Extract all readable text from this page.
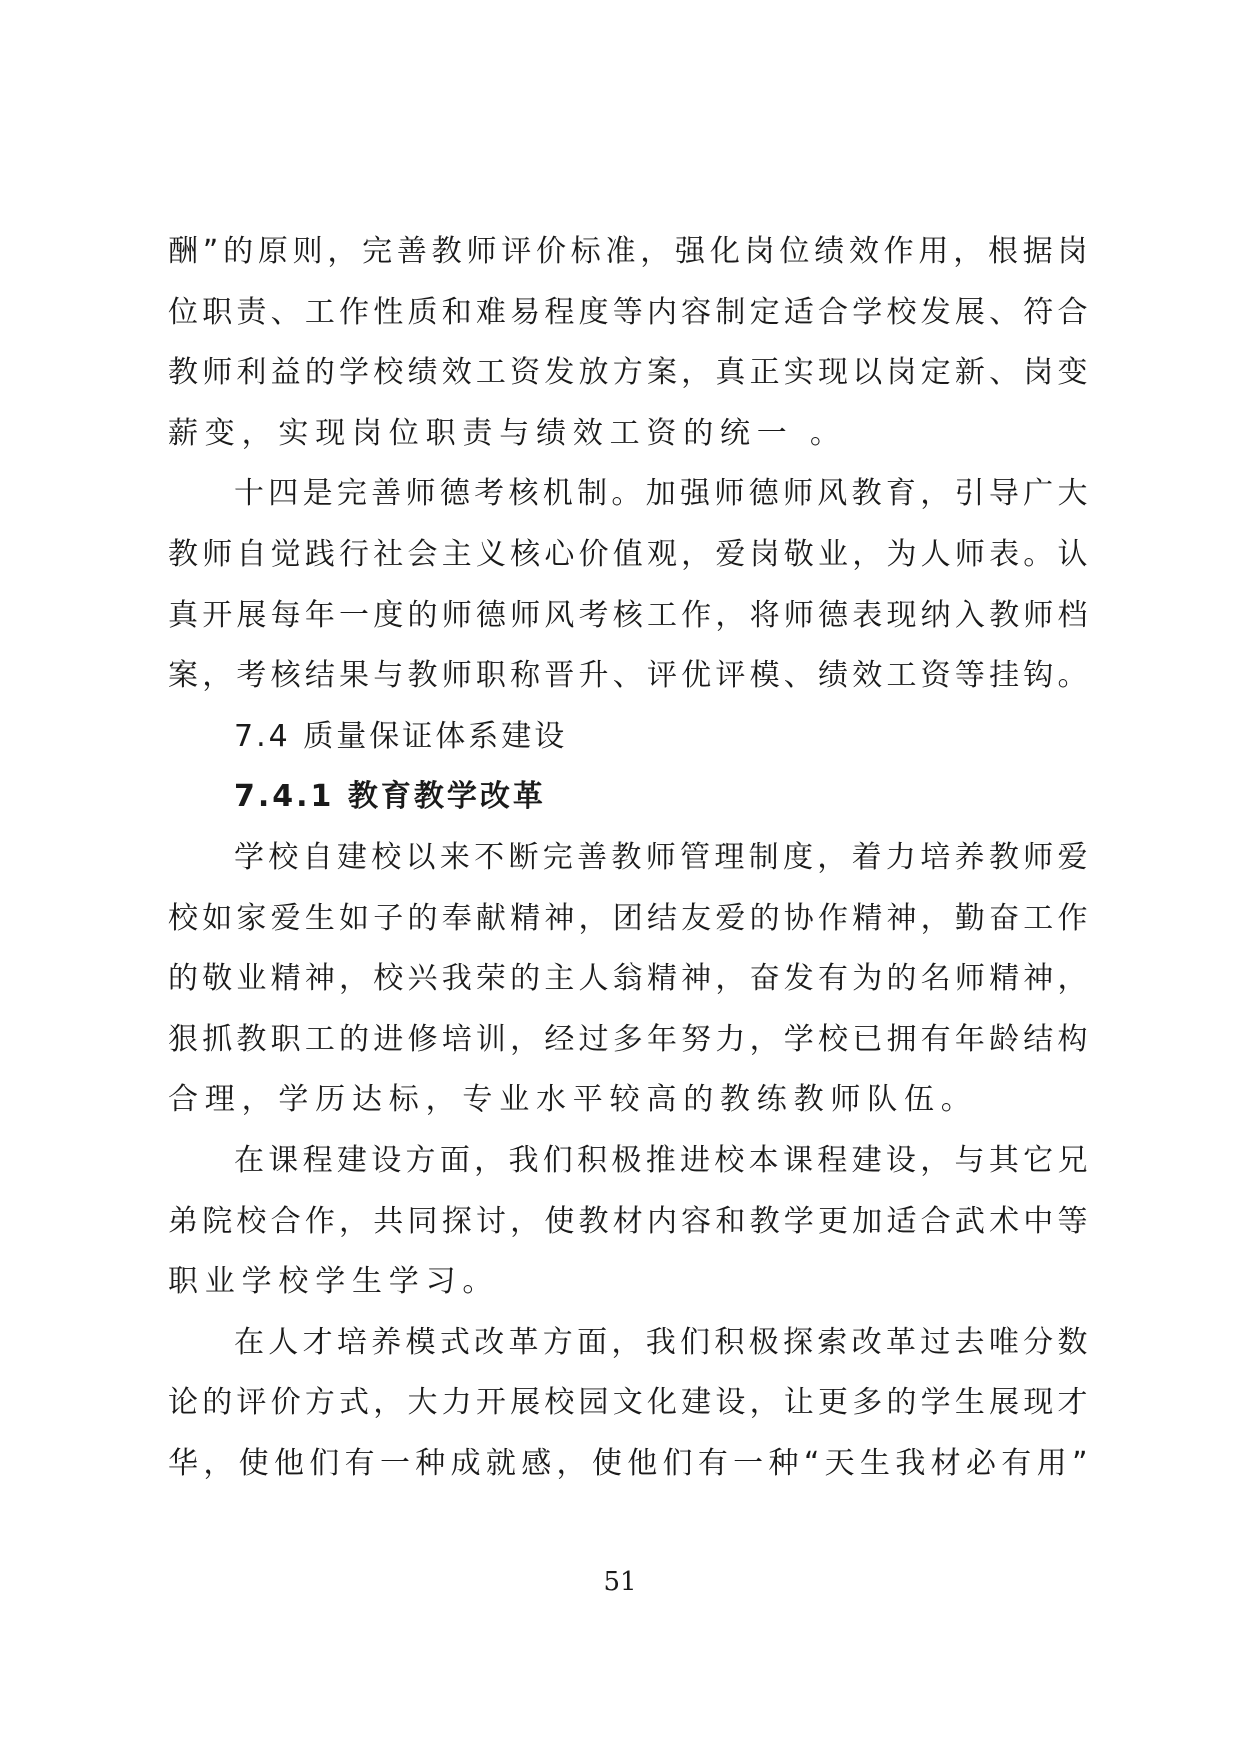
酬”的原则，完善教师评价标准，强化岗位绩效作用，根据岗
位职责、工作性质和难易程度等内容制定适合学校发展、符合
教师利益的学校绩效工资发放方案，真正实现以岗定新、岗变
薪变，实现岗位职责与绩效工资的统一 。
十四是完善师德考核机制。加强师德师风教育，引导广大
教师自觉践行社会主义核心价值观，爱岗敬业，为人师表。认
真开展每年一度的师德师风考核工作，将师德表现纳入教师档
案，考核结果与教师职称晋升、评优评模、绩效工资等挂钩。
7.4 质量保证体系建设
7.4.1 教育教学改革
学校自建校以来不断完善教师管理制度，着力培养教师爱
校如家爱生如子的奉献精神，团结友爱的协作精神，勤奋工作
的敬业精神，校兴我荣的主人翁精神，奋发有为的名师精神，
狠抓教职工的进修培训，经过多年努力，学校已拥有年龄结构
合理，学历达标，专业水平较高的教练教师队伍。
在课程建设方面，我们积极推进校本课程建设，与其它兄
弟院校合作，共同探讨，使教材内容和教学更加适合武术中等
职业学校学生学习。
在人才培养模式改革方面，我们积极探索改革过去唯分数
论的评价方式，大力开展校园文化建设，让更多的学生展现才
华，使他们有一种成就感，使他们有一种“天生我材必有用”
51
